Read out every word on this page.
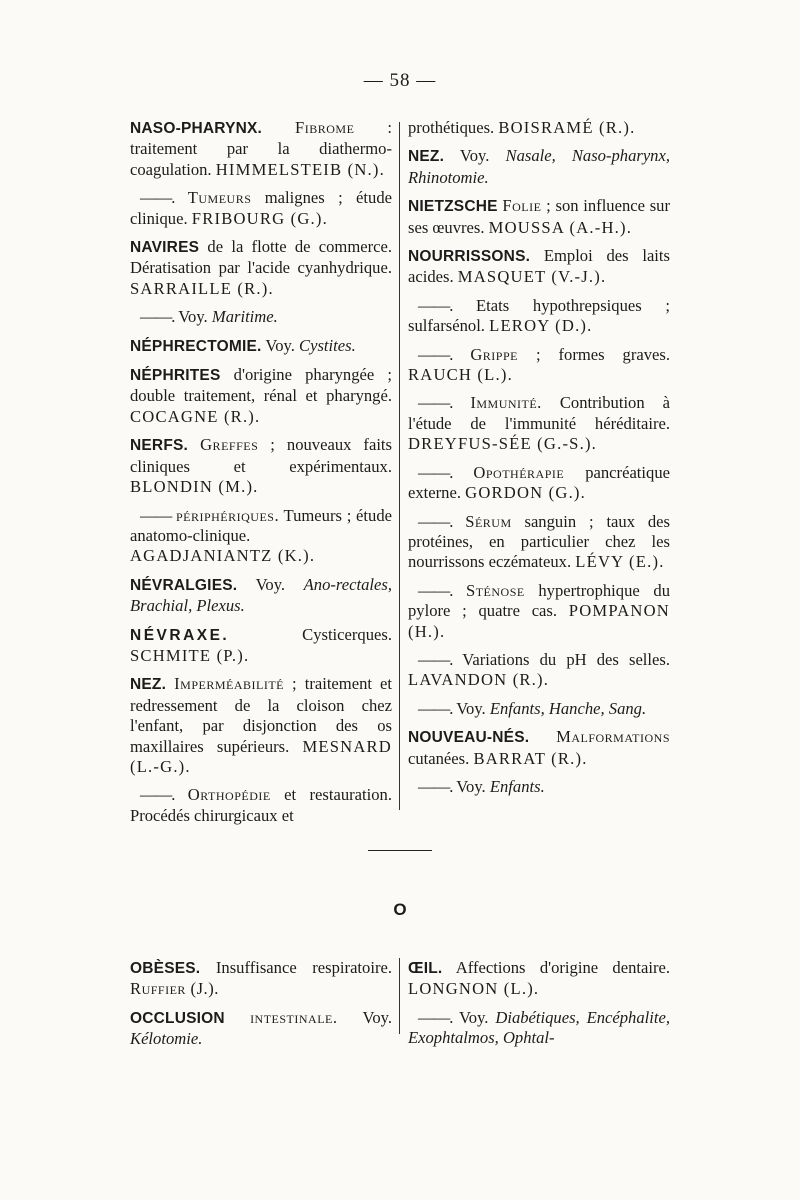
— 58 —
NASO-PHARYNX. Fibrome : traitement par la diathermo-coagulation. HIMMELSTEIB (N.).
——. Tumeurs malignes ; étude clinique. FRIBOURG (G.).
NAVIRES de la flotte de commerce. Dératisation par l'acide cyanhydrique. SARRAILLE (R.).
——. Voy. Maritime.
NÉPHRECTOMIE. Voy. Cystites.
NÉPHRITES d'origine pharyngée ; double traitement, rénal et pharyngé. COCAGNE (R.).
NERFS. Greffes ; nouveaux faits cliniques et expérimentaux. BLONDIN (M.).
—— périphériques. Tumeurs ; étude anatomo-clinique. AGADJANIANTZ (K.).
NÉVRALGIES. Voy. Ano-rectales, Brachial, Plexus.
NÉVRAXE.	Cysticerques. SCHMITE (P.).
NEZ. Imperméabilité ; traitement et redressement de la cloison chez l'enfant, par disjonction des os maxillaires supérieurs. MESNARD (L.-G.).
——. Orthopédie et restauration. Procédés chirurgicaux et
prothétiques. BOISRAMÉ (R.).
NEZ. Voy. Nasale, Naso-pharynx, Rhinotomie.
NIETZSCHE Folie ; son influence sur ses œuvres. MOUSSA (A.-H.).
NOURRISSONS. Emploi des laits acides. MASQUET (V.-J.).
——. Etats hypothrepsiques ; sulfarsénol. LEROY (D.).
——. Grippe ; formes graves. RAUCH (L.).
——. Immunité. Contribution à l'étude de l'immunité héréditaire. DREYFUS-SÉE (G.-S.).
——. Opothérapie pancréatique externe. GORDON (G.).
——. Sérum sanguin ; taux des protéines, en particulier chez les nourrissons eczémateux. LÉVY (E.).
——. Sténose hypertrophique du pylore ; quatre cas. POMPANON (H.).
——. Variations du pH des selles. LAVANDON (R.).
——. Voy. Enfants, Hanche, Sang.
NOUVEAU-NÉS. Malformations cutanées. BARRAT (R.).
——. Voy. Enfants.
O
OBÈSES. Insuffisance respiratoire. Ruffier (J.).
OCCLUSION intestinale. Voy. Kélotomie.
ŒIL. Affections d'origine dentaire. LONGNON (L.).
——. Voy. Diabétiques, Encéphalite, Exophtalmos, Ophtal-
